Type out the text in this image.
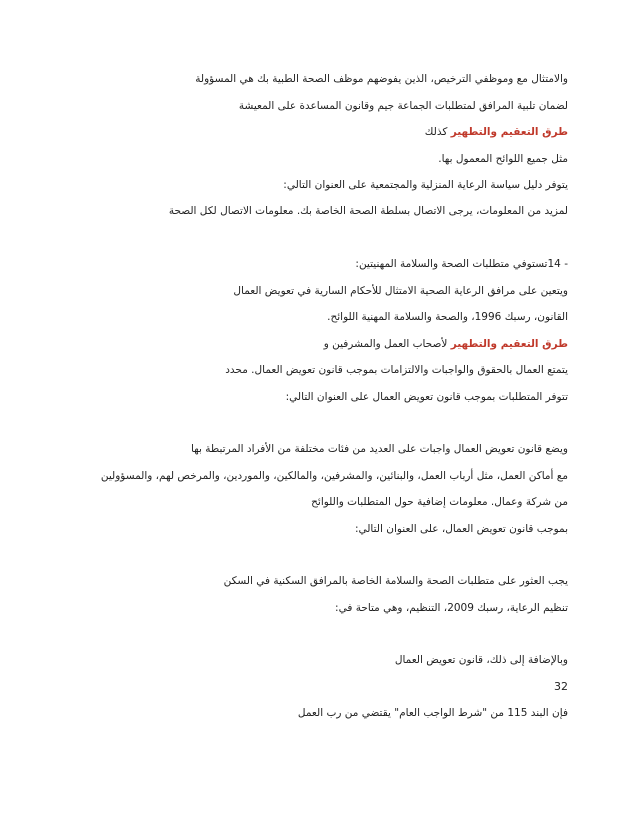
والامتثال مع وموظفي الترخيص، الذين يفوضهم موظف الصحة الطبية بك هي المسؤولة
لضمان تلبية المرافق لمتطلبات الجماعة جيم وقانون المساعدة على المعيشة
طرق التعقيم والتطهير كذلك
مثل جميع اللوائح المعمول بها.
يتوفر دليل سياسة الرعاية المنزلية والمجتمعية على العنوان التالي:
لمزيد من المعلومات، يرجى الاتصال بسلطة الصحة الخاصة بك. معلومات الاتصال لكل الصحة
- 14تستوفي متطلبات الصحة والسلامة المهنيتين:
ويتعين على مرافق الرعاية الصحية الامتثال للأحكام السارية في تعويض العمال
القانون، رسبك 1996، والصحة والسلامة المهنية اللوائح.
طرق التعقيم والتطهير لأصحاب العمل والمشرفين و
يتمتع العمال بالحقوق والواجبات والالتزامات بموجب قانون تعويض العمال. محدد
تتوفر المتطلبات بموجب قانون تعويض العمال على العنوان التالي:
ويضع قانون تعويض العمال واجبات على العديد من فئات مختلفة من الأفراد المرتبطة بها
مع أماكن العمل، مثل أرباب العمل، والبنائين، والمشرفين، والمالكين، والموردين، والمرخص لهم، والمسؤولين
من شركة وعمال. معلومات إضافية حول المتطلبات واللوائح
بموجب قانون تعويض العمال، على العنوان التالي:
يجب العثور على متطلبات الصحة والسلامة الخاصة بالمرافق السكنية في السكن
تنظيم الرعاية، رسبك 2009، التنظيم، وهي متاحة في:
وبالإضافة إلى ذلك، قانون تعويض العمال
32
فإن البند 115 من "شرط الواجب العام" يقتضي من رب العمل
